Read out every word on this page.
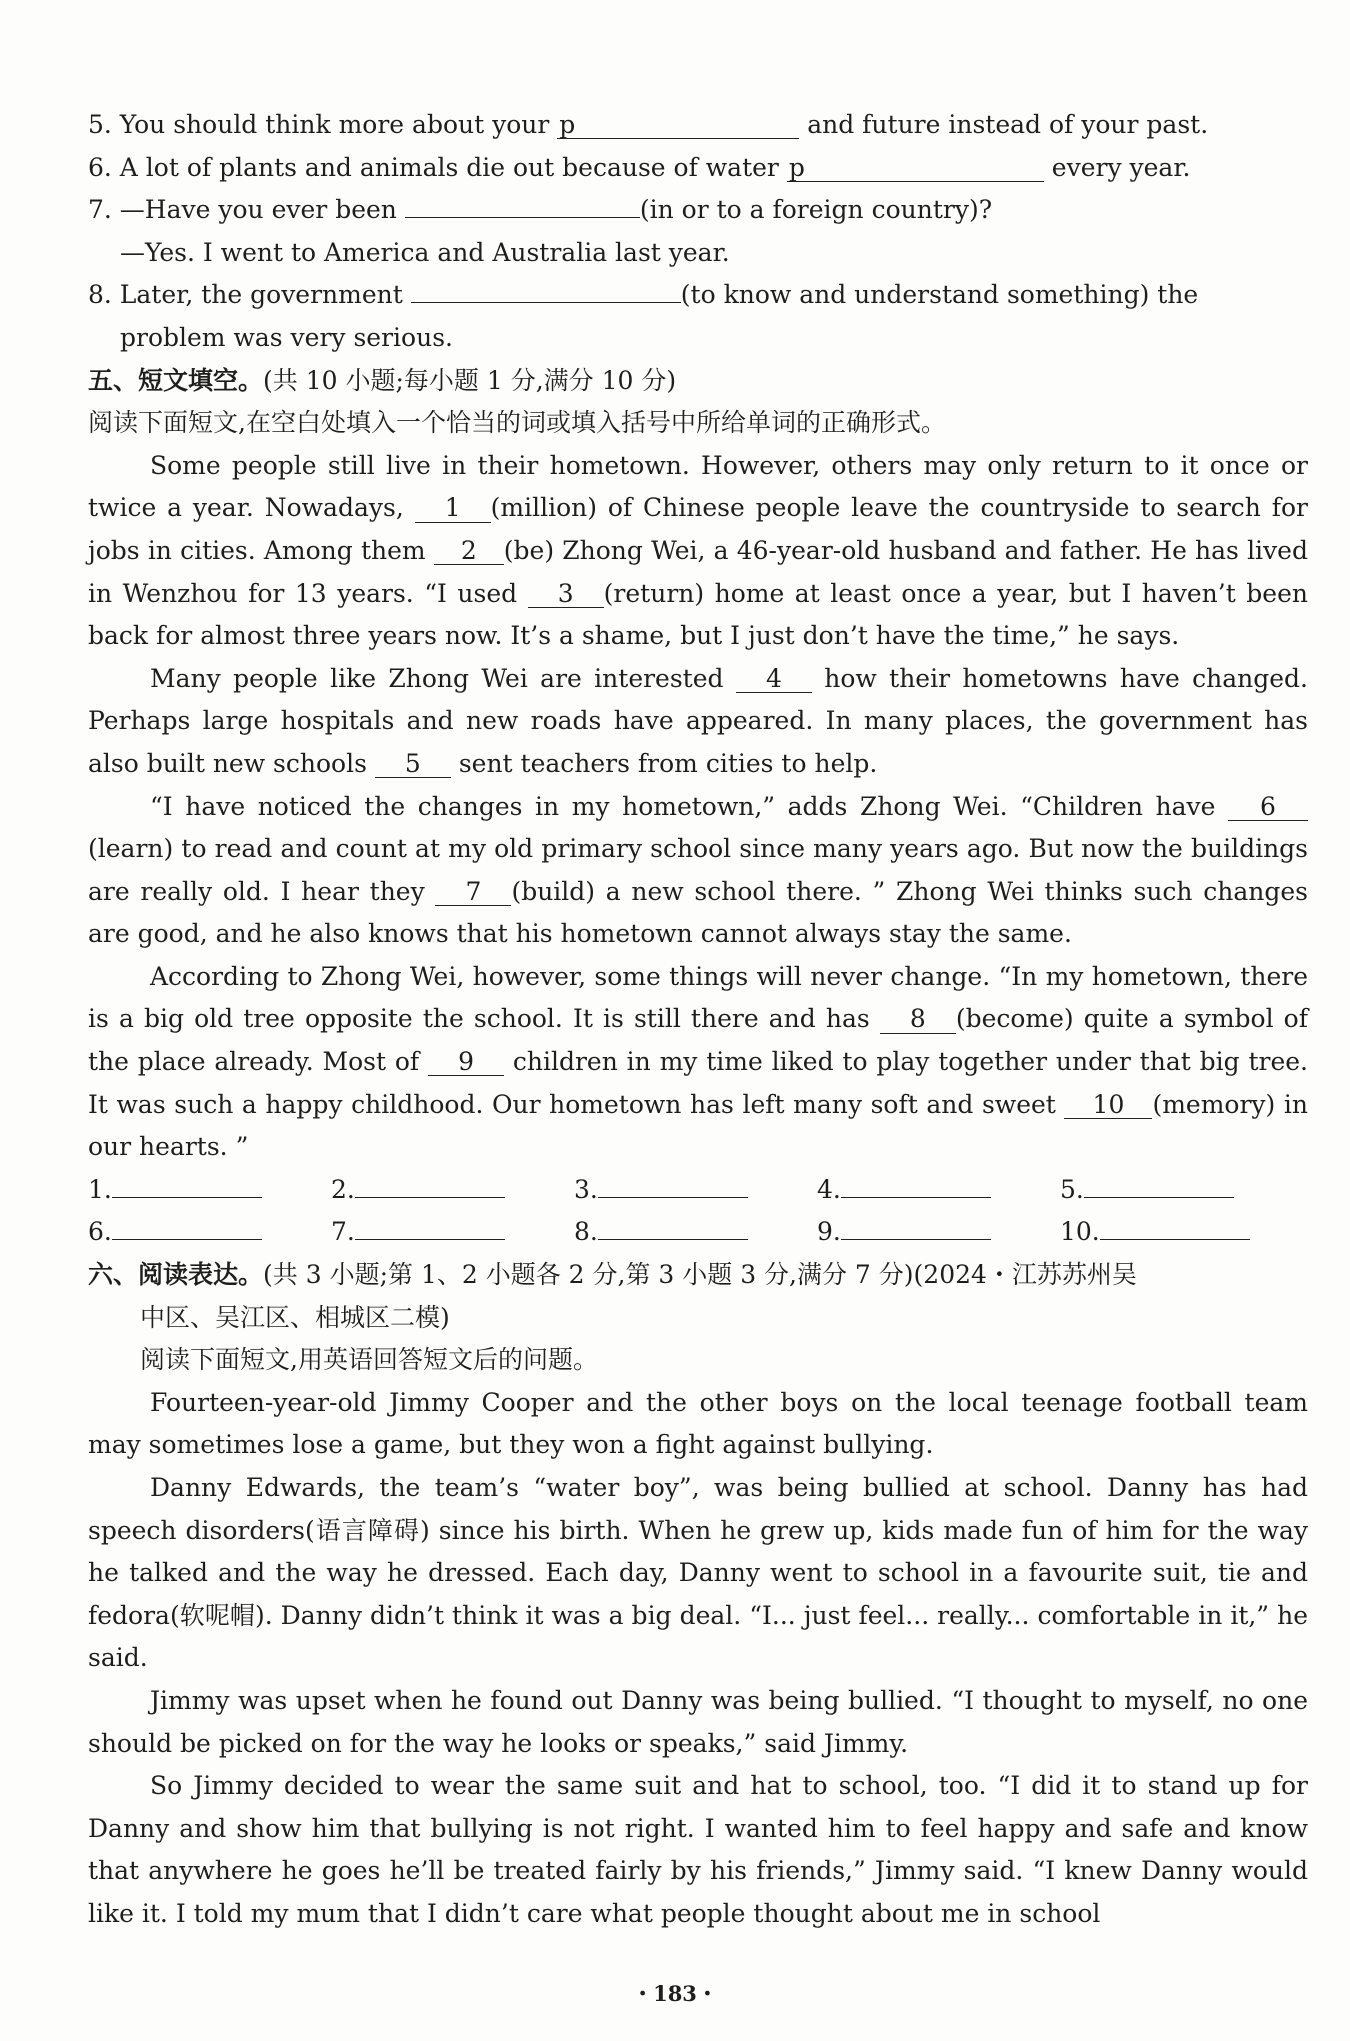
5. You should think more about your p	and future instead of your past.

6. A lot of plants and animals die out because of water p	every year.

7. —Have you ever been	(in or to a foreign country)?

—Yes. I went to America and Australia last year.

8. Later, the government	(to know and understand something) the

problem was very serious.

五、短文填空。(共 10 小题;每小题 1 分,满分 10 分)

阅读下面短文,在空白处填入一个恰当的词或填入括号中所给单词的正确形式。

Some people still live in their hometown. However, others may only return to it once or twice a year. Nowadays, 1 (million) of Chinese people leave the countryside to search for jobs in cities. Among them 2 (be) Zhong Wei, a 46-year-old husband and father. He has lived in Wenzhou for 13 years. “I used 3 (return) home at least once a year, but I haven’t been back for almost three years now. It’s a shame, but I just don’t have the time,” he says.

Many people like Zhong Wei are interested 4 how their hometowns have changed. Perhaps large hospitals and new roads have appeared. In many places, the government has also built new schools 5 sent teachers from cities to help.

“I have noticed the changes in my hometown,” adds Zhong Wei. “Children have 6(learn) to read and count at my old primary school since many years ago. But now the buildings are really old. I hear they 7 (build) a new school there. ” Zhong Wei thinks such changes are good, and he also knows that his hometown cannot always stay the same.

According to Zhong Wei, however, some things will never change. “In my hometown, there is a big old tree opposite the school. It is still there and has 8 (become) quite a symbol of the place already. Most of 9 children in my time liked to play together under that big tree. It was such a happy childhood. Our hometown has left many soft and sweet 10 (memory) in our hearts. ”

1.	2.	3.	4.	5.
6.	7.	8.	9.	10.

六、阅读表达。(共 3 小题;第 1、2 小题各 2 分,第 3 小题 3 分,满分 7 分)(2024・江苏苏州吴

中区、吴江区、相城区二模)

阅读下面短文,用英语回答短文后的问题。

Fourteen-year-old Jimmy Cooper and the other boys on the local teenage football team may sometimes lose a game, but they won a fight against bullying.

Danny Edwards, the team’s “water boy”, was being bullied at school. Danny has had speech disorders(语言障碍) since his birth. When he grew up, kids made fun of him for the way he talked and the way he dressed. Each day, Danny went to school in a favourite suit, tie and fedora(软呢帽). Danny didn’t think it was a big deal. “I... just feel... really... comfortable in it,” he said.

Jimmy was upset when he found out Danny was being bullied. “I thought to myself, no one should be picked on for the way he looks or speaks,” said Jimmy.

So Jimmy decided to wear the same suit and hat to school, too. “I did it to stand up for Danny and show him that bullying is not right. I wanted him to feel happy and safe and know that anywhere he goes he’ll be treated fairly by his friends,” Jimmy said. “I knew Danny would like it. I told my mum that I didn’t care what people thought about me in school

・183・
